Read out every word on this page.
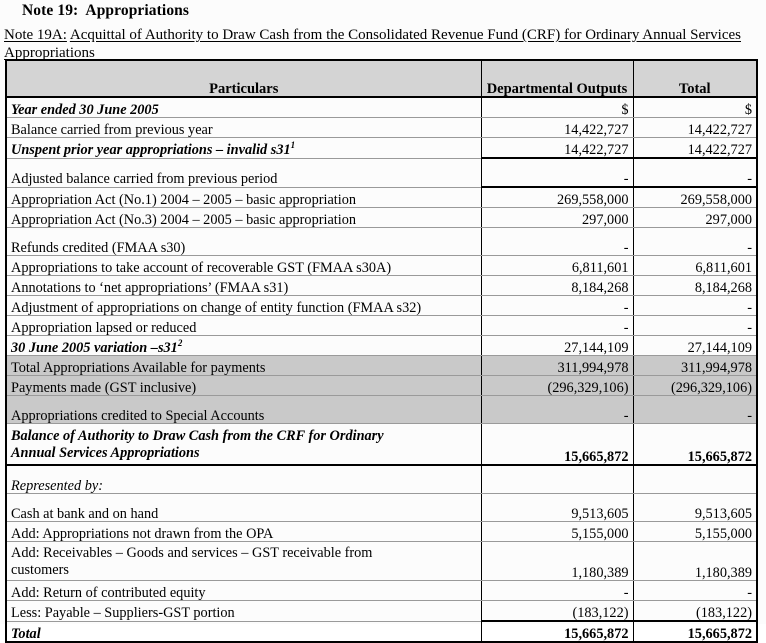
Note 19:  Appropriations
Note 19A: Acquittal of Authority to Draw Cash from the Consolidated Revenue Fund (CRF) for Ordinary Annual Services Appropriations
Particulars	Departmental Outputs	Total
Year ended 30 June 2005	$	$
Balance carried from previous year	14,422,727	14,422,727
Unspent prior year appropriations – invalid $s31^1$	14,422,727	14,422,727
Adjusted balance carried from previous period	-	-
Appropriation Act (No.1) 2004 – 2005 – basic appropriation	269,558,000	269,558,000
Appropriation Act (No.3) 2004 – 2005 – basic appropriation	297,000	297,000
Refunds credited (FMAA s30)	-	-
Appropriations to take account of recoverable GST (FMAA s30A)	6,811,601	6,811,601
Annotations to ‘net appropriations’ (FMAA s31)	8,184,268	8,184,268
Adjustment of appropriations on change of entity function (FMAA s32)	-	-
Appropriation lapsed or reduced	-	-
30 June 2005 variation $-s31^2$	27,144,109	27,144,109
Total Appropriations Available for payments	311,994,978	311,994,978
Payments made (GST inclusive)	(296,329,106)	(296,329,106)
Appropriations credited to Special Accounts	-	-

Balance of Authority to Draw Cash from the CRF for Ordinary
Annual Services Appropriations	15,665,872	15,665,872
Represented by:		
Cash at bank and on hand	9,513,605	9,513,605
Add: Appropriations not drawn from the OPA	5,155,000	5,155,000

Add: Receivables – Goods and services – GST receivable from
customers	1,180,389	1,180,389
Add: Return of contributed equity	-	-
Less: Payable – Suppliers-GST portion	(183,122)	(183,122)
Total	15,665,872	15,665,872
